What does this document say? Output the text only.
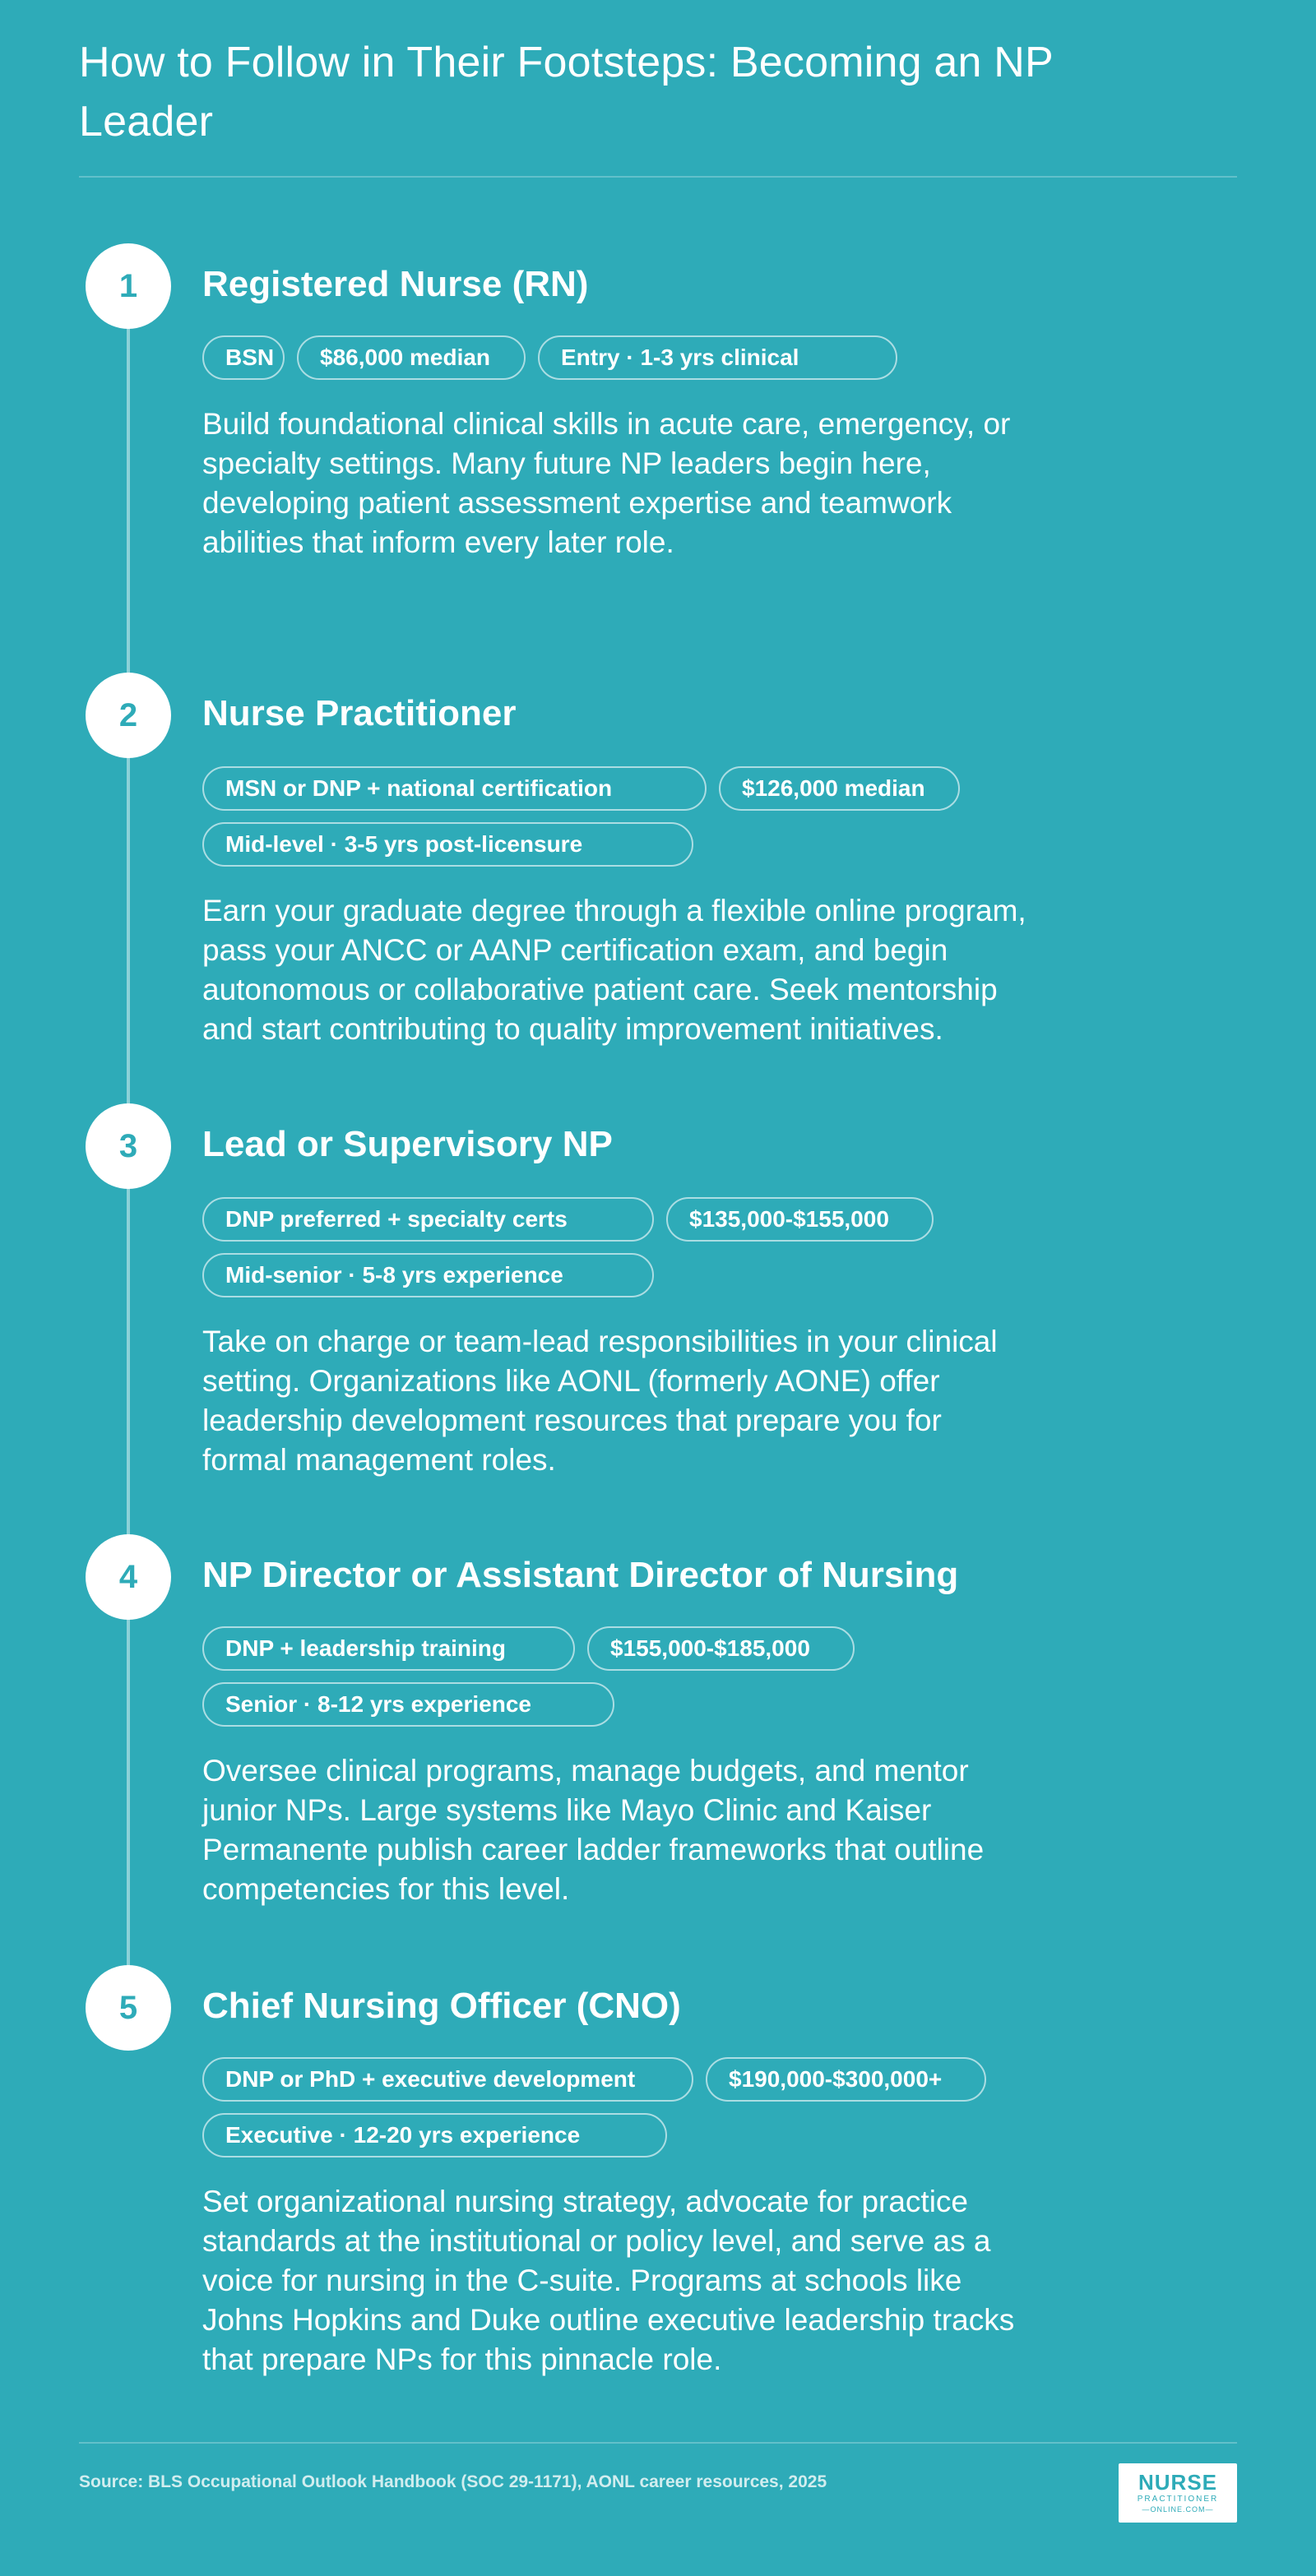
How to Follow in Their Footsteps: Becoming an NP Leader
1	Registered Nurse (RN)
BSN	$86,000 median	Entry · 1-3 yrs clinical

Build foundational clinical skills in acute care, emergency, or specialty settings. Many future NP leaders begin here, developing patient assessment expertise and teamwork abilities that inform every later role.

2	Nurse Practitioner
MSN or DNP + national certification	$126,000 median
Mid-level · 3-5 yrs post-licensure

Earn your graduate degree through a flexible online program, pass your ANCC or AANP certification exam, and begin autonomous or collaborative patient care. Seek mentorship and start contributing to quality improvement initiatives.

3	Lead or Supervisory NP
DNP preferred + specialty certs	$135,000-$155,000
Mid-senior · 5-8 yrs experience

Take on charge or team-lead responsibilities in your clinical setting. Organizations like AONL (formerly AONE) offer leadership development resources that prepare you for formal management roles.

4	NP Director or Assistant Director of Nursing
DNP + leadership training	$155,000-$185,000
Senior · 8-12 yrs experience

Oversee clinical programs, manage budgets, and mentor junior NPs. Large systems like Mayo Clinic and Kaiser Permanente publish career ladder frameworks that outline competencies for this level.

5	Chief Nursing Officer (CNO)
DNP or PhD + executive development	$190,000-$300,000+
Executive · 12-20 yrs experience

Set organizational nursing strategy, advocate for practice standards at the institutional or policy level, and serve as a voice for nursing in the C-suite. Programs at schools like Johns Hopkins and Duke outline executive leadership tracks that prepare NPs for this pinnacle role.

Source: BLS Occupational Outlook Handbook (SOC 29-1171), AONL career resources, 2025	NURSE
PRACTITIONER
—ONLINE.COM—
